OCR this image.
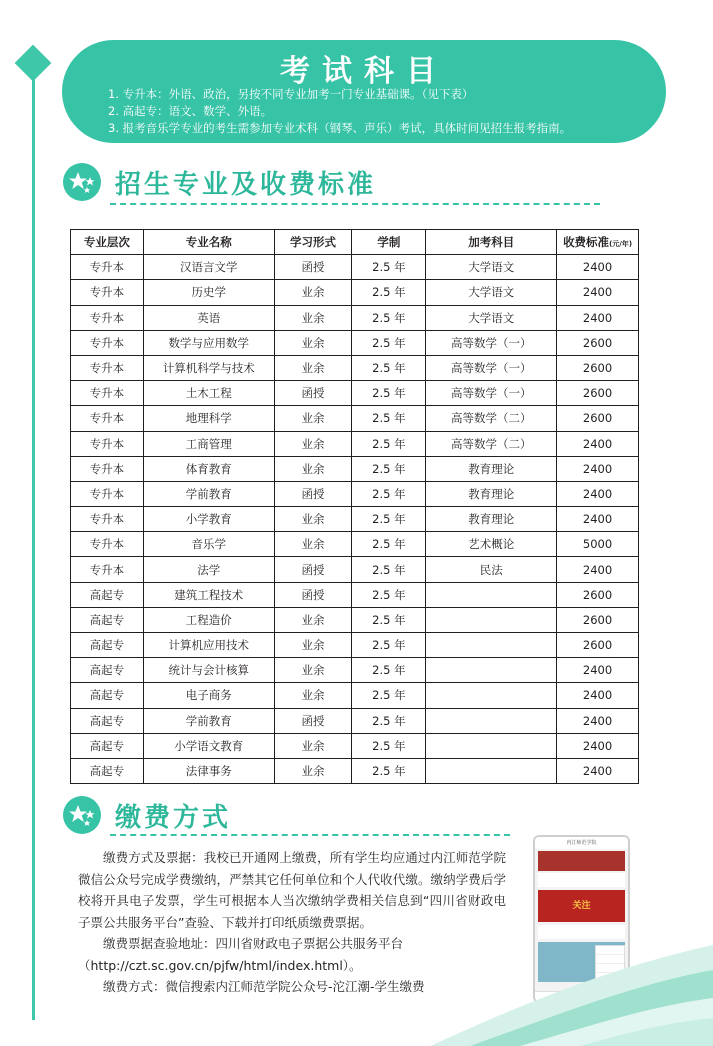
考试科目
1. 专升本：外语、政治，另按不同专业加考一门专业基础课。（见下表）
2. 高起专：语文、数学、外语。
3. 报考音乐学专业的考生需参加专业术科（钢琴、声乐）考试，具体时间见招生报考指南。
招生专业及收费标准
专业层次	专业名称	学习形式	学制	加考科目	收费标准(元/年)
专升本	汉语言文学	函授	2.5 年	大学语文	2400
专升本	历史学	业余	2.5 年	大学语文	2400
专升本	英语	业余	2.5 年	大学语文	2400
专升本	数学与应用数学	业余	2.5 年	高等数学（一）	2600
专升本	计算机科学与技术	业余	2.5 年	高等数学（一）	2600
专升本	土木工程	函授	2.5 年	高等数学（一）	2600
专升本	地理科学	业余	2.5 年	高等数学（二）	2600
专升本	工商管理	业余	2.5 年	高等数学（二）	2400
专升本	体育教育	业余	2.5 年	教育理论	2400
专升本	学前教育	函授	2.5 年	教育理论	2400
专升本	小学教育	业余	2.5 年	教育理论	2400
专升本	音乐学	业余	2.5 年	艺术概论	5000
专升本	法学	函授	2.5 年	民法	2400
高起专	建筑工程技术	函授	2.5 年		2600
高起专	工程造价	业余	2.5 年		2600
高起专	计算机应用技术	业余	2.5 年		2600
高起专	统计与会计核算	业余	2.5 年		2400
高起专	电子商务	业余	2.5 年		2400
高起专	学前教育	函授	2.5 年		2400
高起专	小学语文教育	业余	2.5 年		2400
高起专	法律事务	业余	2.5 年		2400
缴费方式

缴费方式及票据：我校已开通网上缴费，所有学生均应通过内江师范学院微信公众号完成学费缴纳，严禁其它任何单位和个人代收代缴。缴纳学费后学校将开具电子发票，学生可根据本人当次缴纳学费相关信息到“四川省财政电子票公共服务平台”查验、下载并打印纸质缴费票据。

缴费票据查验地址：四川省财政电子票据公共服务平台

（http://czt.sc.gov.cn/pjfw/html/index.html）。

缴费方式：微信搜索内江师范学院公众号-沱江潮-学生缴费

内江师范学院
关注
